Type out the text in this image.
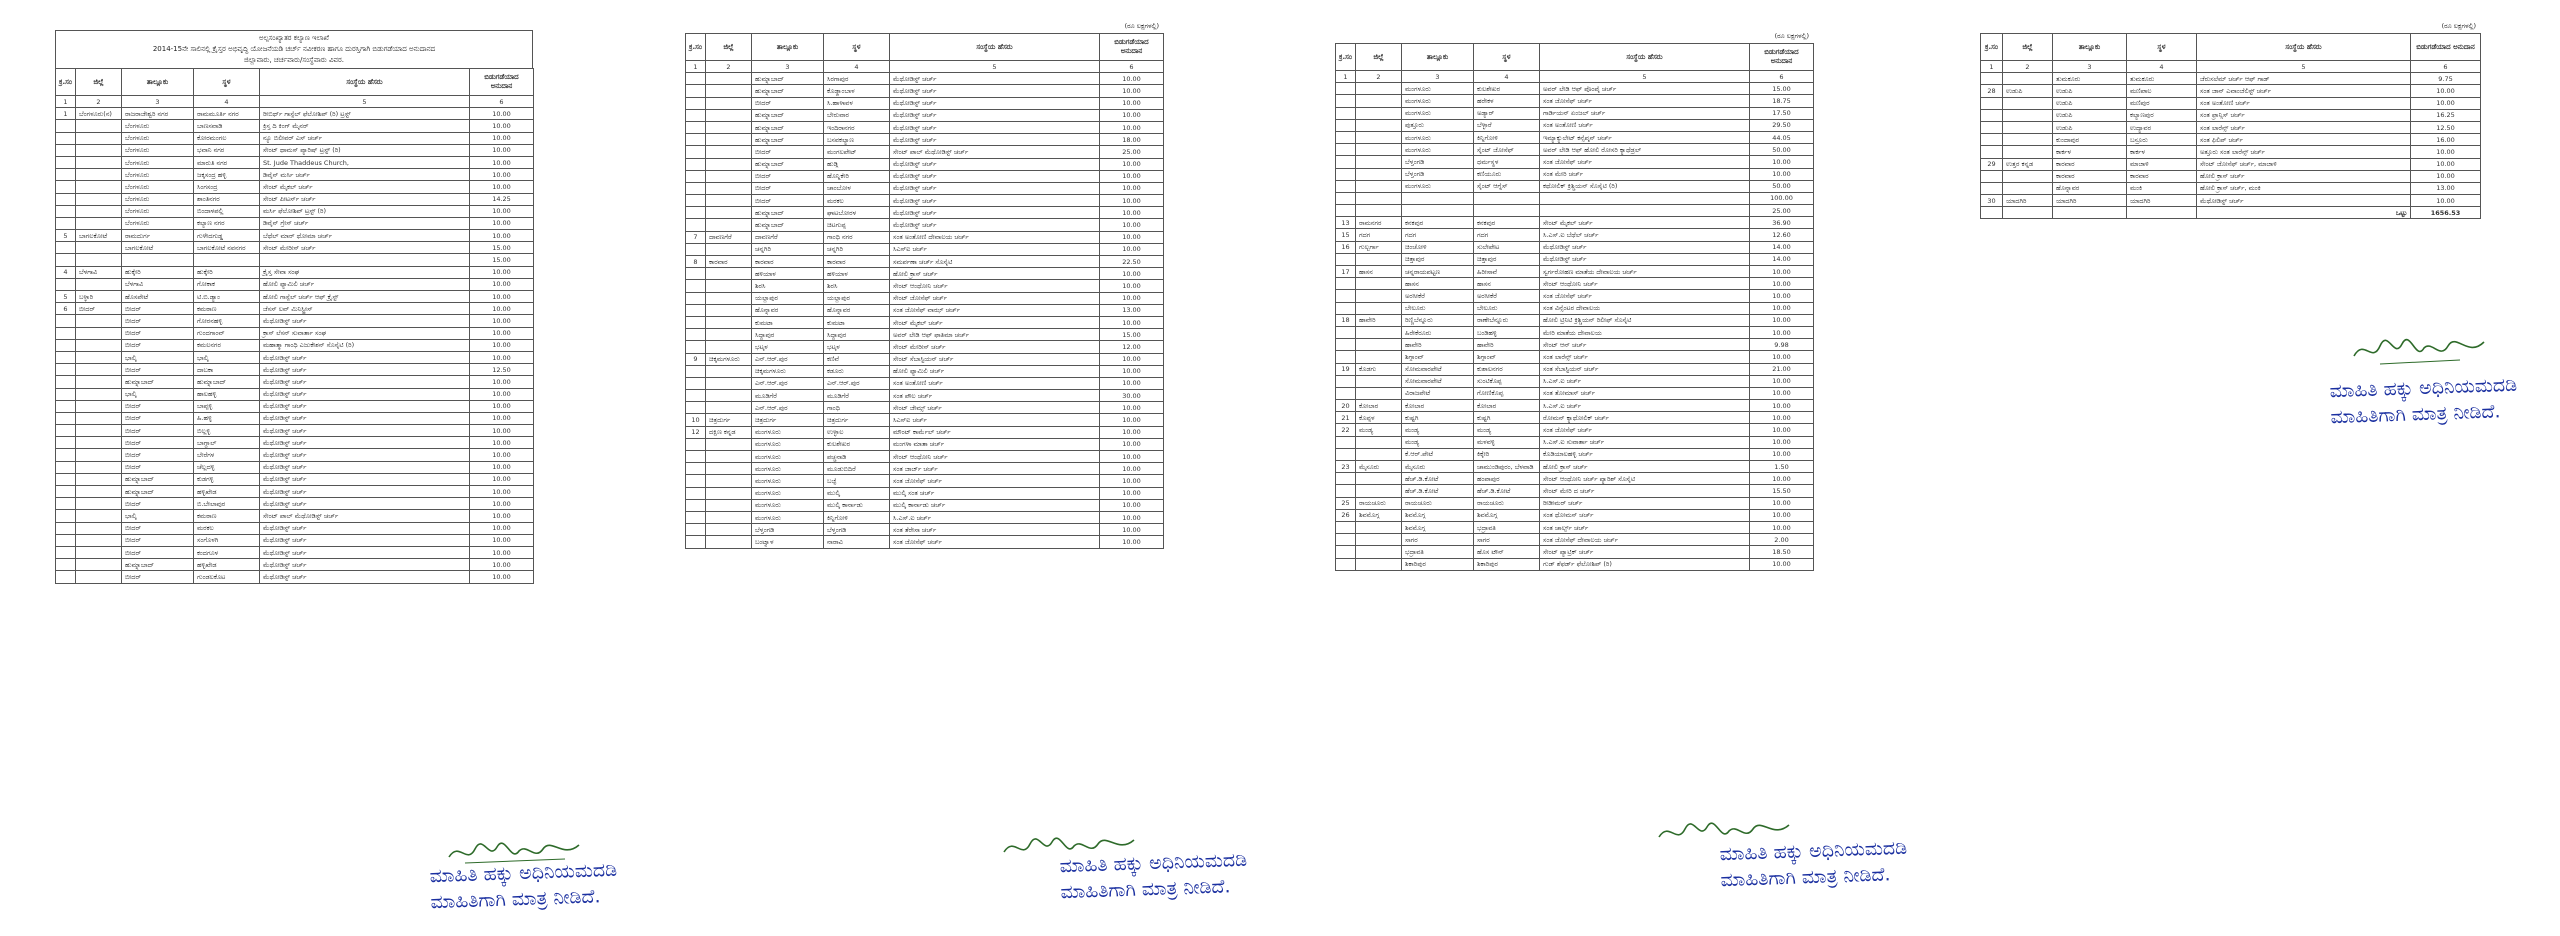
ಅಲ್ಪಸಂಖ್ಯಾತರ ಕಲ್ಯಾಣ ಇಲಾಖೆ
2014-15ನೇ ಸಾಲಿನಲ್ಲಿ ಕ್ರೈಸ್ತರ ಅಭಿವೃದ್ಧಿ ಯೋಜನೆಯಡಿ ಚರ್ಚ್ ನವೀಕರಣ ಹಾಗೂ ದುರಸ್ತಿಗಾಗಿ ಬಿಡುಗಡೆಯಾದ ಅನುದಾನದ
ಜಿಲ್ಲಾವಾರು, ಚರ್ಚವಾರು/ಸಂಸ್ಥೆವಾರು ವಿವರ.
ಕ್ರ.ಸಂ	ಜಿಲ್ಲೆ	ತಾಲ್ಲೂಕು	ಸ್ಥಳ	ಸಂಸ್ಥೆಯ ಹೆಸರು	ಬಿಡುಗಡೆಯಾದ ಅನುದಾನ
1	2	3	4	5	6
1	ಬೆಂಗಳೂರು(ನ)	ರಾಜರಾಜೇಶ್ವರಿ ನಗರ	ರಾಮಮೂರ್ತಿ ನಗರ	ರೀಬಿರ್ಥ್ ಗಾಸ್ಪೆಲ್ ಫೆಲೋಶಿಪ್ (ರಿ) ಟ್ರಸ್ಟ್	10.00
		ಬೆಂಗಳೂರು	ಬಾಣಸವಾಡಿ	ಕ್ರಿಸ್ತ ದಿ ಕಿಂಗ್ ಮೈನರ್	10.00
		ಬೆಂಗಳೂರು	ಕೋರಮಂಗಲ	ನ್ಯೂ ಬಿಲೀವರ್ ಎಸ್ ಚರ್ಚ್	10.00
		ಬೆಂಗಳೂರು	ಭವಾನಿ ನಗರ	ಸೇಂಟ್ ಥಾಮಸ್ ಪ್ಯಾರಿಷ್ ಟ್ರಸ್ಟ್ (ರಿ)	10.00
		ಬೆಂಗಳೂರು	ಮಾರುತಿ ನಗರ	St. Jude Thaddeus Church,	10.00
		ಬೆಂಗಳೂರು	ಜಕ್ಕಸಂದ್ರ ಹಳ್ಳಿ	ಡಿವೈನ್ ಮರ್ಸಿ ಚರ್ಚ್	10.00
		ಬೆಂಗಳೂರು	ಸಿಂಗಸಂದ್ರ	ಸೇಂಟ್ ಮೈಕಲ್ ಚರ್ಚ್	10.00
		ಬೆಂಗಳೂರು	ಶಾಂತಿನಗರ	ಸೇಂಟ್ ಪೀಟರ್ಸ್ ಚರ್ಚ್	14.25
		ಬೆಂಗಳೂರು	ಬಿಂದಾಳಪಲ್ಲಿ	ಮರ್ಸಿ ಫೆಲೋಶಿಪ್ ಟ್ರಸ್ಟ್ (ರಿ)	10.00
		ಬೆಂಗಳೂರು	ಕಲ್ಯಾಣ ನಗರ	ಡಿವೈನ್ ಗ್ರೇಸ್ ಚರ್ಚ್	10.00
5	ಬಾಗಲಕೋಟೆ	ರಾಮದುರ್ಗ	ಗುಳೇದಗುಡ್ಡ	ಬೆಥೆಲ್ ಮಾರ್ ಥೋಮಾ ಚರ್ಚ್	10.00
		ಬಾಗಲಕೋಟೆ	ಬಾಗಲಕೋಟೆ ನವನಗರ	ಸೇಂಟ್ ಮೇರೀಸ್ ಚರ್ಚ್	15.00
					15.00
4	ಬೆಳಗಾವಿ	ಹುಕ್ಕೇರಿ	ಹುಕ್ಕೇರಿ	ಕ್ರೈಸ್ತ ಸೇವಾ ಸಂಘ	10.00
		ಬೆಳಗಾವಿ	ಗೋಕಾಕ	ಹೋಲಿ ಫ್ಯಾಮಿಲಿ ಚರ್ಚ್	10.00
5	ಬಳ್ಳಾರಿ	ಹೊಸಪೇಟೆ	ಟಿ.ಬಿ.ಡ್ಯಾಂ	ಹೋಲಿ ಗಾಸ್ಪೆಲ್ ಚರ್ಚ್ ಆಫ್ ಕ್ರೈಸ್ಟ್	10.00
6	ಬೀದರ್	ಬೀದರ್	ಕಮಠಾಣ	ಜೆಸಸ್ ಲವ್ ಮಿನಿಸ್ಟ್ರೀಸ್	10.00
		ಬೀದರ್	ಗೋರನಹಳ್ಳಿ	ಮೆಥೋಡಿಸ್ಟ್ ಚರ್ಚ್	10.00
		ಬೀದರ್	ಗುಂದಗಾಂವ್	ಕ್ರಾಸ್ ಲೆಸನ್ ಸುವಾರ್ತಾ ಸಂಘ	10.00
		ಬೀದರ್	ಕಮಲನಗರ	ಮಹಾತ್ಮಾ ಗಾಂಧಿ ಎಜುಕೇಶನ್ ಸೊಸೈಟಿ (ರಿ)	10.00
		ಭಾಲ್ಕಿ	ಭಾಲ್ಕಿ	ಮೆಥೋಡಿಸ್ಟ್ ಚರ್ಚ್	10.00
		ಬೀದರ್	ದಾಬಕಾ	ಮೆಥೋಡಿಸ್ಟ್ ಚರ್ಚ್	12.50
		ಹುಮ್ನಾಬಾದ್	ಹುಮ್ನಾಬಾದ್	ಮೆಥೋಡಿಸ್ಟ್ ಚರ್ಚ್	10.00
		ಭಾಲ್ಕಿ	ಹಾಲಹಳ್ಳಿ	ಮೆಥೋಡಿಸ್ಟ್ ಚರ್ಚ್	10.00
		ಬೀದರ್	ಬಾಪ್ಪಳ್ಳಿ	ಮೆಥೋಡಿಸ್ಟ್ ಚರ್ಚ್	10.00
		ಬೀದರ್	ಹಿ.ಹಳ್ಳಿ	ಮೆಥೋಡಿಸ್ಟ್ ಚರ್ಚ್	10.00
		ಬೀದರ್	ಬಿಲ್ಲಳ್ಳಿ	ಮೆಥೋಡಿಸ್ಟ್ ಚರ್ಚ್	10.00
		ಬೀದರ್	ಬಾಗ್ದಾಲ್	ಮೆಥೋಡಿಸ್ಟ್ ಚರ್ಚ್	10.00
		ಬೀದರ್	ಬೇರೆಗಳ	ಮೆಥೋಡಿಸ್ಟ್ ಚರ್ಚ್	10.00
		ಬೀದರ್	ಚೆಲ್ಲದಳ್ಳಿ	ಮೆಥೋಡಿಸ್ಟ್ ಚರ್ಚ್	10.00
		ಹುಮ್ನಾಬಾದ್	ಕುಡಗಳ್ಳಿ	ಮೆಥೋಡಿಸ್ಟ್ ಚರ್ಚ್	10.00
		ಹುಮ್ನಾಬಾದ್	ಹಳ್ಳಿಖೇಡ	ಮೆಥೋಡಿಸ್ಟ್ ಚರ್ಚ್	10.00
		ಬೀದರ್	ಬಿ.ಬೇಲಾಪುರ	ಮೆಥೋಡಿಸ್ಟ್ ಚರ್ಚ್	10.00
		ಭಾಲ್ಕಿ	ಕಮಠಾಣ	ಸೇಂಟ್ ಪಾಲ್ ಮೆಥೋಡಿಸ್ಟ್ ಚರ್ಚ್	10.00
		ಬೀದರ್	ಮರಕಲ	ಮೆಥೋಡಿಸ್ಟ್ ಚರ್ಚ್	10.00
		ಬೀದರ್	ಸಂಗೊಳಗಿ	ಮೆಥೋಡಿಸ್ಟ್ ಚರ್ಚ್	10.00
		ಬೀದರ್	ಕಂದಗೂಳ	ಮೆಥೋಡಿಸ್ಟ್ ಚರ್ಚ್	10.00
		ಹುಮ್ನಾಬಾದ್	ಹಳ್ಳಿಖೇಡ	ಮೆಥೋಡಿಸ್ಟ್ ಚರ್ಚ್	10.00
		ಬೀದರ್	ಗುಂಡಲಕೊಟ	ಮೆಥೋಡಿಸ್ಟ್ ಚರ್ಚ್	10.00
(ರೂ ಲಕ್ಷಗಳಲ್ಲಿ)
ಕ್ರ.ಸಂ	ಜಿಲ್ಲೆ	ತಾಲ್ಲೂಕು	ಸ್ಥಳ	ಸಂಸ್ಥೆಯ ಹೆಸರು	ಬಿಡುಗಡೆಯಾದ ಅನುದಾನ
1	2	3	4	5	6
		ಹುಮ್ನಾಬಾದ್	ಸಿರಗಾಪುರ	ಮೆಥೋಡಿಸ್ಟ್ ಚರ್ಚ್	10.00
		ಹುಮ್ನಾಬಾದ್	ಕೊಡ್ಡಾಂಬಾಳ	ಮೆಥೋಡಿಸ್ಟ್ ಚರ್ಚ್	10.00
		ಬೀದರ್	ಸಿ.ಹಾಳಾವಳ	ಮೆಥೋಡಿಸ್ಟ್ ಚರ್ಚ್	10.00
		ಹುಮ್ನಾಬಾದ್	ಬೇರುವಾರ	ಮೆಥೋಡಿಸ್ಟ್ ಚರ್ಚ್	10.00
		ಹುಮ್ನಾಬಾದ್	ಇಂದಿರಾನಗರ	ಮೆಥೋಡಿಸ್ಟ್ ಚರ್ಚ್	10.00
		ಹುಮ್ನಾಬಾದ್	ಬಸವಕಲ್ಯಾಣ	ಮೆಥೋಡಿಸ್ಟ್ ಚರ್ಚ್	18.00
		ಬೀದರ್	ಮಂಗಲಪೇಟ್	ಸೇಂಟ್ ಪಾಲ್ ಮೆಥೋಡಿಸ್ಟ್ ಚರ್ಚ್	25.00
		ಹುಮ್ನಾಬಾದ್	ಹುಡ್ಗಿ	ಮೆಥೋಡಿಸ್ಟ್ ಚರ್ಚ್	10.00
		ಬೀದರ್	ಹೊನ್ನಿಕೇರಿ	ಮೆಥೋಡಿಸ್ಟ್ ಚರ್ಚ್	10.00
		ಬೀದರ್	ಚಾಂಬೋಳ	ಮೆಥೋಡಿಸ್ಟ್ ಚರ್ಚ್	10.00
		ಬೀದರ್	ಮರಕಲ	ಮೆಥೋಡಿಸ್ಟ್ ಚರ್ಚ್	10.00
		ಹುಮ್ನಾಬಾದ್	ಘಾಟಬೋರಳ	ಮೆಥೋಡಿಸ್ಟ್ ಚರ್ಚ್	10.00
		ಹುಮ್ನಾಬಾದ್	ಚಿಟಗುಪ್ಪ	ಮೆಥೋಡಿಸ್ಟ್ ಚರ್ಚ್	10.00
7	ದಾವಣಗೆರೆ	ದಾವಣಗೆರೆ	ಗಾಂಧಿ ನಗರ	ಸಂತ ಅಂತೋಣಿ ದೇವಾಲಯ ಚರ್ಚ್	10.00
		ಚನ್ನಗಿರಿ	ಚನ್ನಗಿರಿ	ಸಿಎಸ್ಐ ಚರ್ಚ್	10.00
8	ಕಾರವಾರ	ಕಾರವಾರ	ಕಾರವಾರ	ಸಮರ್ಪಣಾ ಚರ್ಚ್ ಸೊಸೈಟಿ	22.50
		ಹಳಿಯಾಳ	ಹಳಿಯಾಳ	ಹೋಲಿ ಕ್ರಾಸ್ ಚರ್ಚ್	10.00
		ಶಿರಸಿ	ಶಿರಸಿ	ಸೇಂಟ್ ಆಂಥೋನಿ ಚರ್ಚ್	10.00
		ಯಲ್ಲಾಪುರ	ಯಲ್ಲಾಪುರ	ಸೇಂಟ್ ಜೋಸೆಫ್ ಚರ್ಚ್	10.00
		ಹೊನ್ನಾವರ	ಹೊನ್ನಾವರ	ಸಂತ ಜೋಸೆಫ್ ವಾಝ್ ಚರ್ಚ್	13.00
		ಕುಮಟಾ	ಕುಮಟಾ	ಸೇಂಟ್ ಮೈಕಲ್ ಚರ್ಚ್	10.00
		ಸಿದ್ದಾಪುರ	ಸಿದ್ದಾಪುರ	ಅವರ್ ಲೇಡಿ ಆಫ್ ಫಾತಿಮಾ ಚರ್ಚ್	15.00
		ಭಟ್ಕಳ	ಭಟ್ಕಳ	ಸೇಂಟ್ ಮೇರೀಸ್ ಚರ್ಚ್	12.00
9	ಚಿಕ್ಕಮಗಳೂರು	ಎನ್.ಆರ್.ಪುರ	ಕಣಿವೆ	ಸೇಂಟ್ ಸೆಬಾಸ್ಟಿಯನ್ ಚರ್ಚ್	10.00
		ಚಿಕ್ಕಮಗಳೂರು	ಕಡೂರು	ಹೋಲಿ ಫ್ಯಾಮಿಲಿ ಚರ್ಚ್	10.00
		ಎನ್.ಆರ್.ಪುರ	ಎನ್.ಆರ್.ಪುರ	ಸಂತ ಅಂತೋಣಿ ಚರ್ಚ್	10.00
		ಮೂಡಿಗೆರೆ	ಮೂಡಿಗೆರೆ	ಸಂತ ಪೌಲ ಚರ್ಚ್	30.00
		ಎನ್.ಆರ್.ಪುರ	ಗಾಂಧಿ	ಸೇಂಟ್ ಜೇಮ್ಸ್ ಚರ್ಚ್	10.00
10	ಚಿತ್ರದುರ್ಗ	ಚಿತ್ರದುರ್ಗ	ಚಿತ್ರದುರ್ಗ	ಸಿಎಸ್ಐ ಚರ್ಚ್	10.00
12	ದಕ್ಷಿಣ ಕನ್ನಡ	ಮಂಗಳೂರು	ಉಳ್ಳಾಲ	ಮೌಂಟ್ ಕಾರ್ಮೆಲ್ ಚರ್ಚ್	10.00
		ಮಂಗಳೂರು	ಕುಲಶೇಖರ	ಮಂಗಳಾ ಮಾತಾ ಚರ್ಚ್	10.00
		ಮಂಗಳೂರು	ಪಚ್ಚನಾಡಿ	ಸೇಂಟ್ ಆಂಥೋನಿ ಚರ್ಚ್	10.00
		ಮಂಗಳೂರು	ಮೂಡುಬಿದಿರೆ	ಸಂತ ಜಾರ್ಜ್ ಚರ್ಚ್	10.00
		ಮಂಗಳೂರು	ಬಜ್ಪೆ	ಸಂತ ಜೋಸೆಫ್ ಚರ್ಚ್	10.00
		ಮಂಗಳೂರು	ಮುಲ್ಕಿ	ಮುಲ್ಕಿ ಸಂತ ಚರ್ಚ್	10.00
		ಮಂಗಳೂರು	ಮುಲ್ಕಿ ಕಾರ್ನಾಡು	ಮುಲ್ಕಿ ಕಾರ್ನಾಡು ಚರ್ಚ್	10.00
		ಮಂಗಳೂರು	ಕಿನ್ನಿಗೋಳಿ	ಸಿ.ಎಸ್.ಐ ಚರ್ಚ್	10.00
		ಬೆಳ್ತಂಗಡಿ	ಬೆಳ್ತಂಗಡಿ	ಸಂತ ತೆರೇಸಾ ಚರ್ಚ್	10.00
		ಬಂಟ್ವಾಳ	ನಾರಾವಿ	ಸಂತ ಜೋಸೆಫ್ ಚರ್ಚ್	10.00
(ರೂ ಲಕ್ಷಗಳಲ್ಲಿ)
ಕ್ರ.ಸಂ	ಜಿಲ್ಲೆ	ತಾಲ್ಲೂಕು	ಸ್ಥಳ	ಸಂಸ್ಥೆಯ ಹೆಸರು	ಬಿಡುಗಡೆಯಾದ ಅನುದಾನ
1	2	3	4	5	6
		ಮಂಗಳೂರು	ಕುಲಶೇಖರ	ಅವರ್ ಲೇಡಿ ಆಫ್ ಪೊಂಪೈ ಚರ್ಚ್	15.00
		ಮಂಗಳೂರು	ಹರೇಕಳ	ಸಂತ ಜೋಸೆಫ್ ಚರ್ಚ್	18.75
		ಮಂಗಳೂರು	ಅಡ್ಯಾರ್	ಗಾರ್ಡಿಯನ್ ಏಂಜಲ್ ಚರ್ಚ್	17.50
		ಪುತ್ತೂರು	ಬೆಳ್ಳಾರೆ	ಸಂತ ಅಂತೋಣಿ ಚರ್ಚ್	29.50
		ಮಂಗಳೂರು	ಕಿನ್ನಿಗೋಳಿ	ಇಮ್ಯಾಕ್ಯುಲೇಟ್ ಕನ್ಸೆಪ್ಶನ್ ಚರ್ಚ್	44.05
		ಮಂಗಳೂರು	ಸೈಂಟ್ ಜೋಸೆಫ್	ಅವರ್ ಲೇಡಿ ಆಫ್ ಹೋಲಿ ರೋಸರಿ ಕ್ಯಾಥೆಡ್ರಲ್	50.00
		ಬೆಳ್ತಂಗಡಿ	ಧರ್ಮಸ್ಥಳ	ಸಂತ ಜೋಸೆಫ್ ಚರ್ಚ್	10.00
		ಬೆಳ್ತಂಗಡಿ	ಕಣಿಯೂರು	ಸಂತ ಮೇರಿ ಚರ್ಚ್	10.00
		ಮಂಗಳೂರು	ಸೈಂಟ್ ಆಗ್ನೆಸ್	ಕಥೋಲಿಕ್ ಕ್ರಿಶ್ಚಿಯನ್ ಸೊಸೈಟಿ (ರಿ)	50.00
					100.00
					25.00
13	ರಾಮನಗರ	ಕನಕಪುರ	ಕನಕಪುರ	ಸೇಂಟ್ ಮೈಕಲ್ ಚರ್ಚ್	36.90
15	ಗದಗ	ಗದಗ	ಗದಗ	ಸಿ.ಎಸ್.ಐ ಬೆಥೆಲ್ ಚರ್ಚ್	12.60
16	ಗುಲ್ಬರ್ಗಾ	ಚಿಂಚೋಳಿ	ಸುಲೇಪೇಟ	ಮೆಥೋಡಿಸ್ಟ್ ಚರ್ಚ್	14.00
		ಚಿತ್ತಾಪುರ	ಚಿತ್ತಾಪುರ	ಮೆಥೋಡಿಸ್ಟ್ ಚರ್ಚ್	14.00
17	ಹಾಸನ	ಚನ್ನರಾಯಪಟ್ಟಣ	ಹಿರೀಸಾವೆ	ಸ್ವರ್ಗರೋಹಣ ಮಾತೆಯ ದೇವಾಲಯ ಚರ್ಚ್	10.00
		ಹಾಸನ	ಹಾಸನ	ಸೇಂಟ್ ಆಂಥೋನಿ ಚರ್ಚ್	10.00
		ಅರಸೀಕೆರೆ	ಅರಸೀಕೆರೆ	ಸಂತ ಜೋಸೆಫ್ ಚರ್ಚ್	10.00
		ಬೇಲೂರು	ಬೇಲೂರು	ಸಂತ ವಿನ್ಸೆಂಟರ ದೇವಾಲಯ	10.00
18	ಹಾವೇರಿ	ರಿಣ್ಣಿಬೆನ್ನೂರು	ರಾಣೇಬೆನ್ನೂರು	ಹೋಲಿ ಟ್ರಿನಿಟಿ ಕ್ರಿಶ್ಚಿಯನ್ ರಿಲೀಫ್ ಸೊಸೈಟಿ	10.00
		ಹಿರೇಕೆರೂರು	ಬಂಡಿಹಳ್ಳಿ	ಮೇರಿ ಮಾತೆಯ ದೇವಾಲಯ	10.00
		ಹಾವೇರಿ	ಹಾವೇರಿ	ಸೇಂಟ್ ಆನ್ ಚರ್ಚ್	9.98
		ಶಿಗ್ಗಾಂವ್	ಶಿಗ್ಗಾಂವ್	ಸಂತ ಲಾರೆನ್ಸ್ ಚರ್ಚ್	10.00
19	ಕೊಡಗು	ಸೋಮವಾರಪೇಟೆ	ಕುಶಾಲನಗರ	ಸಂತ ಸೆಬಾಸ್ಟಿಯನ್ ಚರ್ಚ್	21.00
		ಸೋಮವಾರಪೇಟೆ	ಸುಂಟಿಕೊಪ್ಪ	ಸಿ.ಎಸ್.ಐ ಚರ್ಚ್	10.00
		ವಿರಾಜಪೇಟೆ	ಗೋಣಿಕೊಪ್ಪ	ಸಂತ ತೋಮಾಸ್ ಚರ್ಚ್	10.00
20	ಕೋಲಾರ	ಕೋಲಾರ	ಕೋಲಾರ	ಸಿ.ಎಸ್.ಐ ಚರ್ಚ್	10.00
21	ಕೊಪ್ಪಳ	ಕುಷ್ಟಗಿ	ಕುಷ್ಟಗಿ	ರೋಮನ್ ಕ್ಯಾಥೋಲಿಕ್ ಚರ್ಚ್	10.00
22	ಮಂಡ್ಯ	ಮಂಡ್ಯ	ಮಂಡ್ಯ	ಸಂತ ಜೋಸೆಫ್ ಚರ್ಚ್	10.00
		ಮಂಡ್ಯ	ಮಳವಳ್ಳಿ	ಸಿ.ಎಸ್.ಐ ಸುವಾರ್ತಾ ಚರ್ಚ್	10.00
		ಕೆ.ಆರ್.ಪೇಟೆ	ಕಿಕ್ಕೇರಿ	ಕೊಡಿಯಾಲಹಳ್ಳಿ ಚರ್ಚ್	10.00
23	ಮೈಸೂರು	ಮೈಸೂರು	ಚಾಮುಂಡಿಪುರಂ, ಬೆಳವಾಡಿ	ಹೋಲಿ ಕ್ರಾಸ್ ಚರ್ಚ್	1.50
		ಹೆಚ್.ಡಿ.ಕೋಟೆ	ಹಂಪಾಪುರ	ಸೇಂಟ್ ಆಂಥೋನಿ ಚರ್ಚ್ ಪ್ಯಾರಿಶ್ ಸೊಸೈಟಿ	10.00
		ಹೆಚ್.ಡಿ.ಕೋಟೆ	ಹೆಚ್.ಡಿ.ಕೋಟೆ	ಸೇಂಟ್ ಮೇರಿ ದ ಚರ್ಚ್	15.50
25	ರಾಯಚೂರು	ರಾಯಚೂರು	ರಾಯಚೂರು	ರೀಡೀಮರ್ ಚರ್ಚ್	10.00
26	ಶಿವಮೊಗ್ಗ	ಶಿವಮೊಗ್ಗ	ಶಿವಮೊಗ್ಗ	ಸಂತ ಥೋಮಸ್ ಚರ್ಚ್	10.00
		ಶಿವಮೊಗ್ಗ	ಭದ್ರಾವತಿ	ಸಂತ ಚಾರ್ಲ್ಸ್ ಚರ್ಚ್	10.00
		ಸಾಗರ	ಸಾಗರ	ಸಂತ ಜೋಸೆಫ್ ದೇವಾಲಯ ಚರ್ಚ್	2.00
		ಭದ್ರಾವತಿ	ಹೊಸ ಟೌನ್	ಸೇಂಟ್ ಪ್ಯಾಟ್ರಿಕ್ ಚರ್ಚ್	18.50
		ಶಿಕಾರಿಪುರ	ಶಿಕಾರಿಪುರ	ಗುಡ್ ಶೆಫರ್ಡ್ ಫೆಲೋಶಿಪ್ (ರಿ)	10.00
(ರೂ ಲಕ್ಷಗಳಲ್ಲಿ)
ಕ್ರ.ಸಂ	ಜಿಲ್ಲೆ	ತಾಲ್ಲೂಕು	ಸ್ಥಳ	ಸಂಸ್ಥೆಯ ಹೆಸರು	ಬಿಡುಗಡೆಯಾದ ಅನುದಾನ
1	2	3	4	5	6
		ತುಮಕೂರು	ತುಮಕೂರು	ಜೆರುಸಲೆಮ್ ಚರ್ಚ್ ಆಫ್ ಗಾಡ್	9.75
28	ಉಡುಪಿ	ಉಡುಪಿ	ಮಣಿಪಾಲ	ಸಂತ ಜಾನ್ ಎವಾಂಜೆಲಿಸ್ಟ್ ಚರ್ಚ್	10.00
		ಉಡುಪಿ	ಮಣಿಪುರ	ಸಂತ ಅಂತೋಣಿ ಚರ್ಚ್	10.00
		ಉಡುಪಿ	ಕಲ್ಯಾಣಪುರ	ಸಂತ ಫ್ರಾನ್ಸಿಸ್ ಚರ್ಚ್	16.25
		ಉಡುಪಿ	ಉದ್ಯಾವರ	ಸಂತ ಲಾರೆನ್ಸ್ ಚರ್ಚ್	12.50
		ಕುಂದಾಪುರ	ಬಸ್ರೂರು	ಸಂತ ಫಿಲಿಪ್ ಚರ್ಚ್	16.00
		ಕಾರ್ಕಳ	ಕಾರ್ಕಳ	ಅತ್ತೂರು ಸಂತ ಲಾರೆನ್ಸ್ ಚರ್ಚ್	10.00
29	ಉತ್ತರ ಕನ್ನಡ	ಕಾರವಾರ	ಮಾಜಾಳಿ	ಸೇಂಟ್ ಜೋಸೆಫ್ ಚರ್ಚ್, ಮಾಜಾಳಿ	10.00
		ಕಾರವಾರ	ಕಾರವಾರ	ಹೋಲಿ ಕ್ರಾಸ್ ಚರ್ಚ್	10.00
		ಹೊನ್ನಾವರ	ಮಂಕಿ	ಹೋಲಿ ಕ್ರಾಸ್ ಚರ್ಚ್, ಮಂಕಿ	13.00
30	ಯಾದಗಿರಿ	ಯಾದಗಿರಿ	ಯಾದಗಿರಿ	ಮೆಥೋಡಿಸ್ಟ್ ಚರ್ಚ್	10.00
				ಒಟ್ಟು	1656.53
ಮಾಹಿತಿ ಹಕ್ಕು ಅಧಿನಿಯಮದಡಿ
ಮಾಹಿತಿಗಾಗಿ ಮಾತ್ರ ನೀಡಿದೆ.
ಮಾಹಿತಿ ಹಕ್ಕು ಅಧಿನಿಯಮದಡಿ
ಮಾಹಿತಿಗಾಗಿ ಮಾತ್ರ ನೀಡಿದೆ.
ಮಾಹಿತಿ ಹಕ್ಕು ಅಧಿನಿಯಮದಡಿ
ಮಾಹಿತಿಗಾಗಿ ಮಾತ್ರ ನೀಡಿದೆ.
ಮಾಹಿತಿ ಹಕ್ಕು ಅಧಿನಿಯಮದಡಿ
ಮಾಹಿತಿಗಾಗಿ ಮಾತ್ರ ನೀಡಿದೆ.
